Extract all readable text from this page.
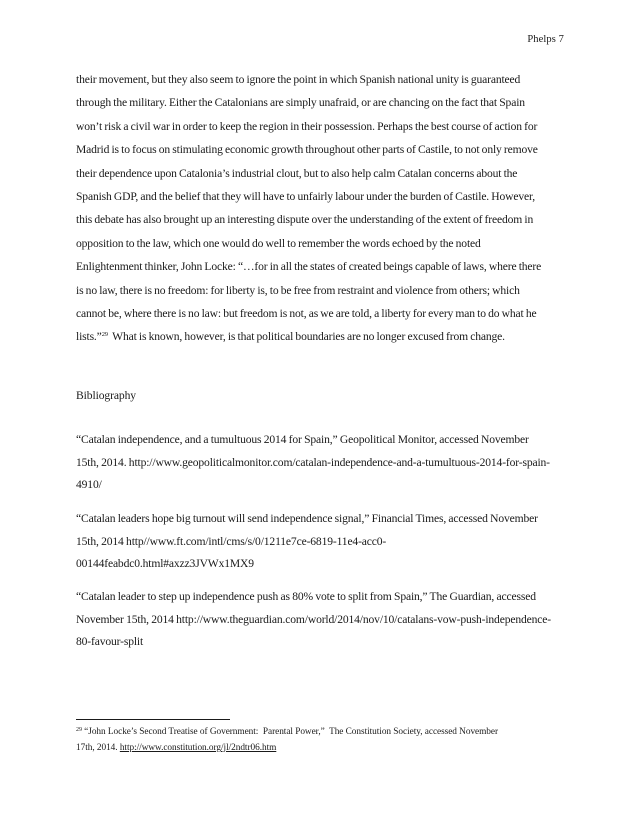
Phelps 7
their movement, but they also seem to ignore the point in which Spanish national unity is guaranteed
through the military. Either the Catalonians are simply unafraid, or are chancing on the fact that Spain
won’t risk a civil war in order to keep the region in their possession. Perhaps the best course of action for
Madrid is to focus on stimulating economic growth throughout other parts of Castile, to not only remove
their dependence upon Catalonia’s industrial clout, but to also help calm Catalan concerns about the
Spanish GDP, and the belief that they will have to unfairly labour under the burden of Castile. However,
this debate has also brought up an interesting dispute over the understanding of the extent of freedom in
opposition to the law, which one would do well to remember the words echoed by the noted
Enlightenment thinker, John Locke: “…for in all the states of created beings capable of laws, where there
is no law, there is no freedom: for liberty is, to be free from restraint and violence from others; which
cannot be, where there is no law: but freedom is not, as we are told, a liberty for every man to do what he
lists.”$^{29}$  What is known, however, is that political boundaries are no longer excused from change.
Bibliography
“Catalan independence, and a tumultuous 2014 for Spain,” Geopolitical Monitor, accessed November
15th, 2014. http://www.geopoliticalmonitor.com/catalan-independence-and-a-tumultuous-2014-for-spain-
4910/
“Catalan leaders hope big turnout will send independence signal,” Financial Times, accessed November
15th, 2014 http//www.ft.com/intl/cms/s/0/1211e7ce-6819-11e4-acc0-
00144feabdc0.html#axzz3JVWx1MX9
“Catalan leader to step up independence push as 80% vote to split from Spain,” The Guardian, accessed
November 15th, 2014 http://www.theguardian.com/world/2014/nov/10/catalans-vow-push-independence-
80-favour-split
$^{29}$ “John Locke’s Second Treatise of Government:  Parental Power,”  The Constitution Society, accessed November
17th, 2014. http://www.constitution.org/jl/2ndtr06.htm
